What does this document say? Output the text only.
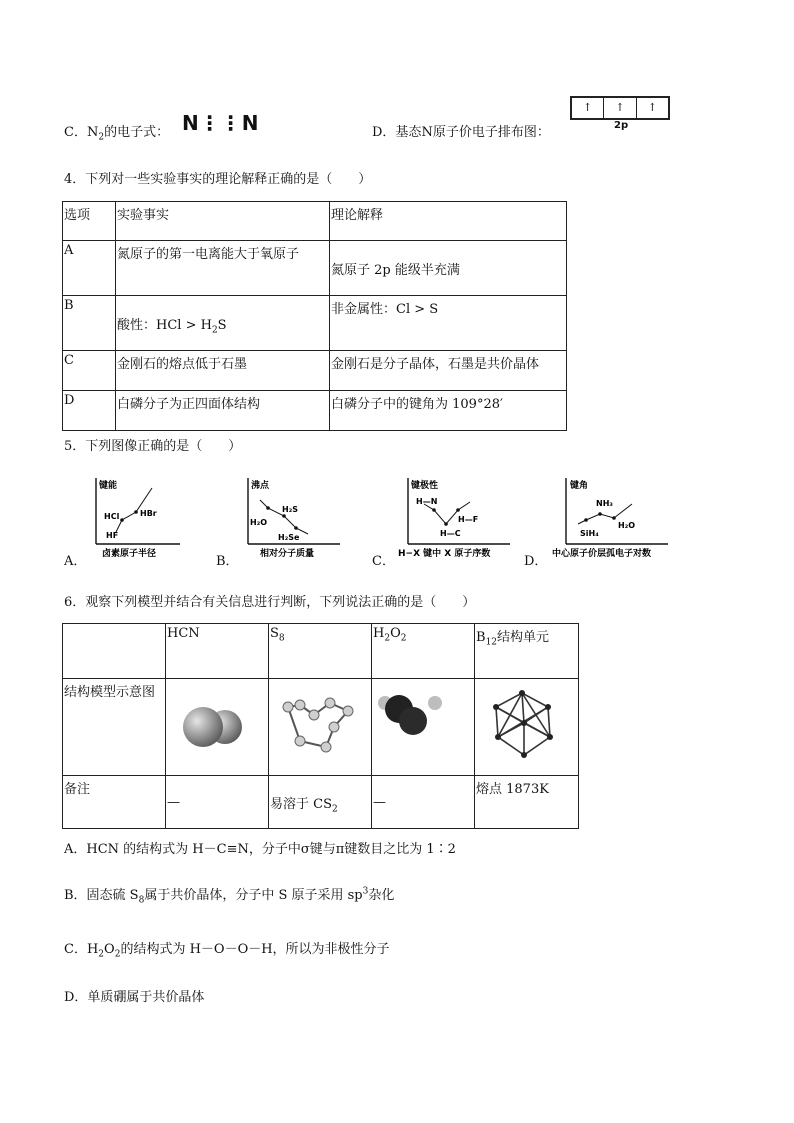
C．$N_2$的电子式： N⋮⋮N	D．基态N原子价电子排布图：
↑	↑	↑
2p
4．下列对一些实验事实的理论解释正确的是（　　）
选项	实验事实	理论解释
A	氮原子的第一电离能大于氧原子	氮原子 2p 能级半充满
B	酸性：HCl > $H_2S$	非金属性：Cl > S
C	金刚石的熔点低于石墨	金刚石是分子晶体，石墨是共价晶体
D	白磷分子为正四面体结构	白磷分子中的键角为 109°28′
5．下列图像正确的是（　　）
A．
键能
HF
HCl	HBr
卤素原子半径	B．
沸点
H₂O
H₂S
H₂Se
相对分子质量	C．
键极性
H—N
H—C
H—F
H−X 键中 X 原子序数	D．
键角
SiH₄
NH₃
H₂O
中心原子价层孤电子对数
6．观察下列模型并结合有关信息进行判断，下列说法正确的是（　　）
	HCN	$S_8$	$H_2O_2$	$B_{12}$结构单元
结构模型示意图				
备注	—	易溶于 $CS_2$	—	熔点 1873K
A．HCN 的结构式为 H－C≡N，分子中σ键与π键数目之比为 1∶2
B．固态硫 $S_8$属于共价晶体，分子中 S 原子采用 $sp^3$杂化
C．$H_2O_2$的结构式为 H－O－O－H，所以为非极性分子
D．单质硼属于共价晶体
